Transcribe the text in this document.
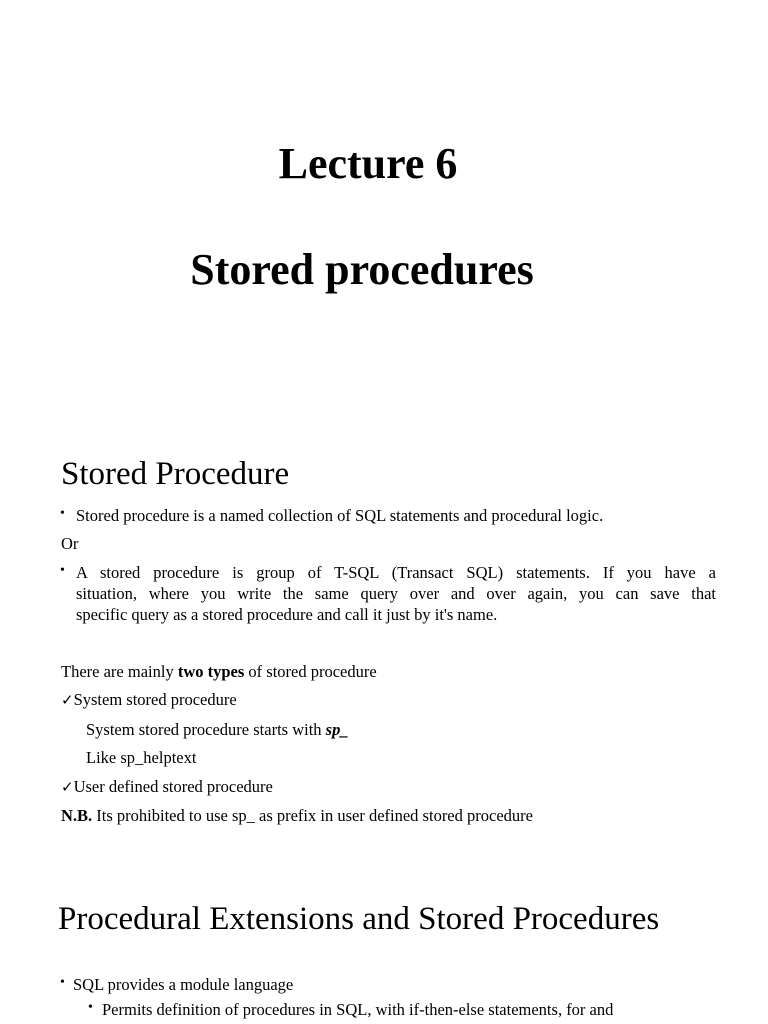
Lecture 6
Stored procedures
Stored Procedure
• Stored procedure is a named collection of SQL statements and procedural logic.
Or
• A stored procedure is group of T-SQL (Transact SQL) statements. If you have a
situation, where you write the same query over and over again, you can save that
specific query as a stored procedure and call it just by it's name.
There are mainly two types of stored procedure
✓System stored procedure
System stored procedure starts with sp_
Like sp_helptext
✓User defined stored procedure
N.B. Its prohibited to use sp_ as prefix in user defined stored procedure
Procedural Extensions and Stored Procedures
• SQL provides a module language
• Permits definition of procedures in SQL, with if-then-else statements, for and
